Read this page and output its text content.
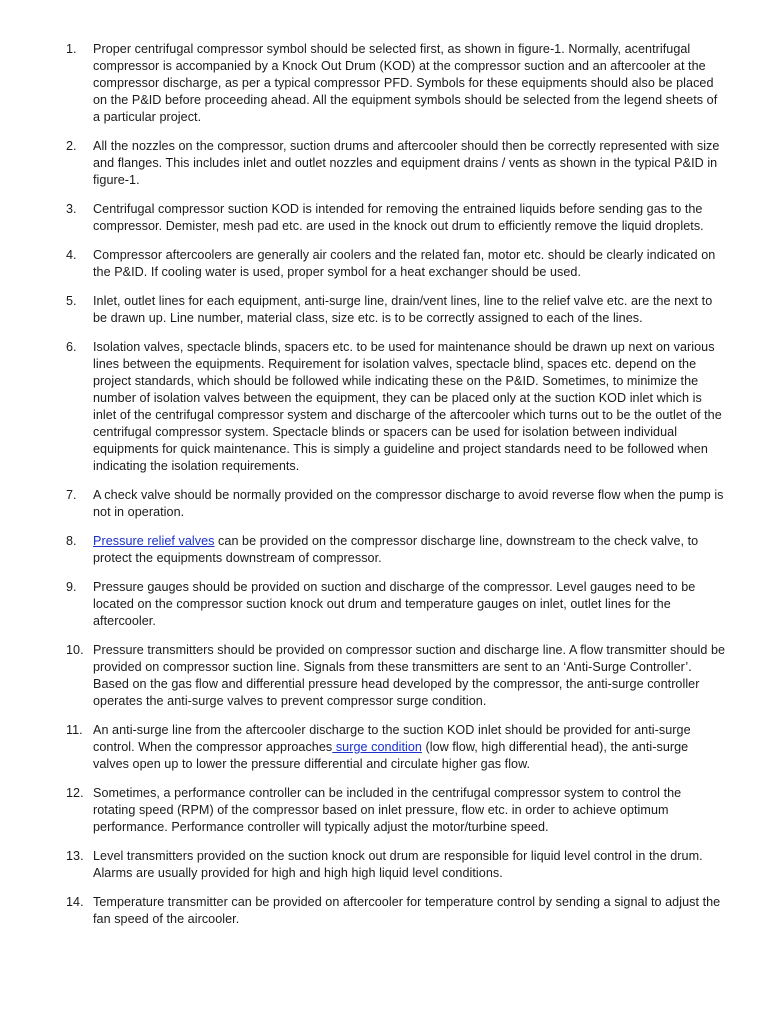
1. Proper centrifugal compressor symbol should be selected first, as shown in figure-1. Normally, acentrifugal compressor is accompanied by a Knock Out Drum (KOD) at the compressor suction and an aftercooler at the compressor discharge, as per a typical compressor PFD. Symbols for these equipments should also be placed on the P&ID before proceeding ahead. All the equipment symbols should be selected from the legend sheets of a particular project.
2. All the nozzles on the compressor, suction drums and aftercooler should then be correctly represented with size and flanges. This includes inlet and outlet nozzles and equipment drains / vents as shown in the typical P&ID in figure-1.
3. Centrifugal compressor suction KOD is intended for removing the entrained liquids before sending gas to the compressor. Demister, mesh pad etc. are used in the knock out drum to efficiently remove the liquid droplets.
4. Compressor aftercoolers are generally air coolers and the related fan, motor etc. should be clearly indicated on the P&ID. If cooling water is used, proper symbol for a heat exchanger should be used.
5. Inlet, outlet lines for each equipment, anti-surge line, drain/vent lines, line to the relief valve etc. are the next to be drawn up. Line number, material class, size etc. is to be correctly assigned to each of the lines.
6. Isolation valves, spectacle blinds, spacers etc. to be used for maintenance should be drawn up next on various lines between the equipments. Requirement for isolation valves, spectacle blind, spaces etc. depend on the project standards, which should be followed while indicating these on the P&ID. Sometimes, to minimize the number of isolation valves between the equipment, they can be placed only at the suction KOD inlet which is inlet of the centrifugal compressor system and discharge of the aftercooler which turns out to be the outlet of the centrifugal compressor system. Spectacle blinds or spacers can be used for isolation between individual equipments for quick maintenance. This is simply a guideline and project standards need to be followed when indicating the isolation requirements.
7. A check valve should be normally provided on the compressor discharge to avoid reverse flow when the pump is not in operation.
8. Pressure relief valves can be provided on the compressor discharge line, downstream to the check valve, to protect the equipments downstream of compressor.
9. Pressure gauges should be provided on suction and discharge of the compressor. Level gauges need to be located on the compressor suction knock out drum and temperature gauges on inlet, outlet lines for the aftercooler.
10. Pressure transmitters should be provided on compressor suction and discharge line. A flow transmitter should be provided on compressor suction line. Signals from these transmitters are sent to an ‘Anti-Surge Controller’. Based on the gas flow and differential pressure head developed by the compressor, the anti-surge controller operates the anti-surge valves to prevent compressor surge condition.
11. An anti-surge line from the aftercooler discharge to the suction KOD inlet should be provided for anti-surge control. When the compressor approaches surge condition (low flow, high differential head), the anti-surge valves open up to lower the pressure differential and circulate higher gas flow.
12. Sometimes, a performance controller can be included in the centrifugal compressor system to control the rotating speed (RPM) of the compressor based on inlet pressure, flow etc. in order to achieve optimum performance. Performance controller will typically adjust the motor/turbine speed.
13. Level transmitters provided on the suction knock out drum are responsible for liquid level control in the drum. Alarms are usually provided for high and high high liquid level conditions.
14. Temperature transmitter can be provided on aftercooler for temperature control by sending a signal to adjust the fan speed of the aircooler.
